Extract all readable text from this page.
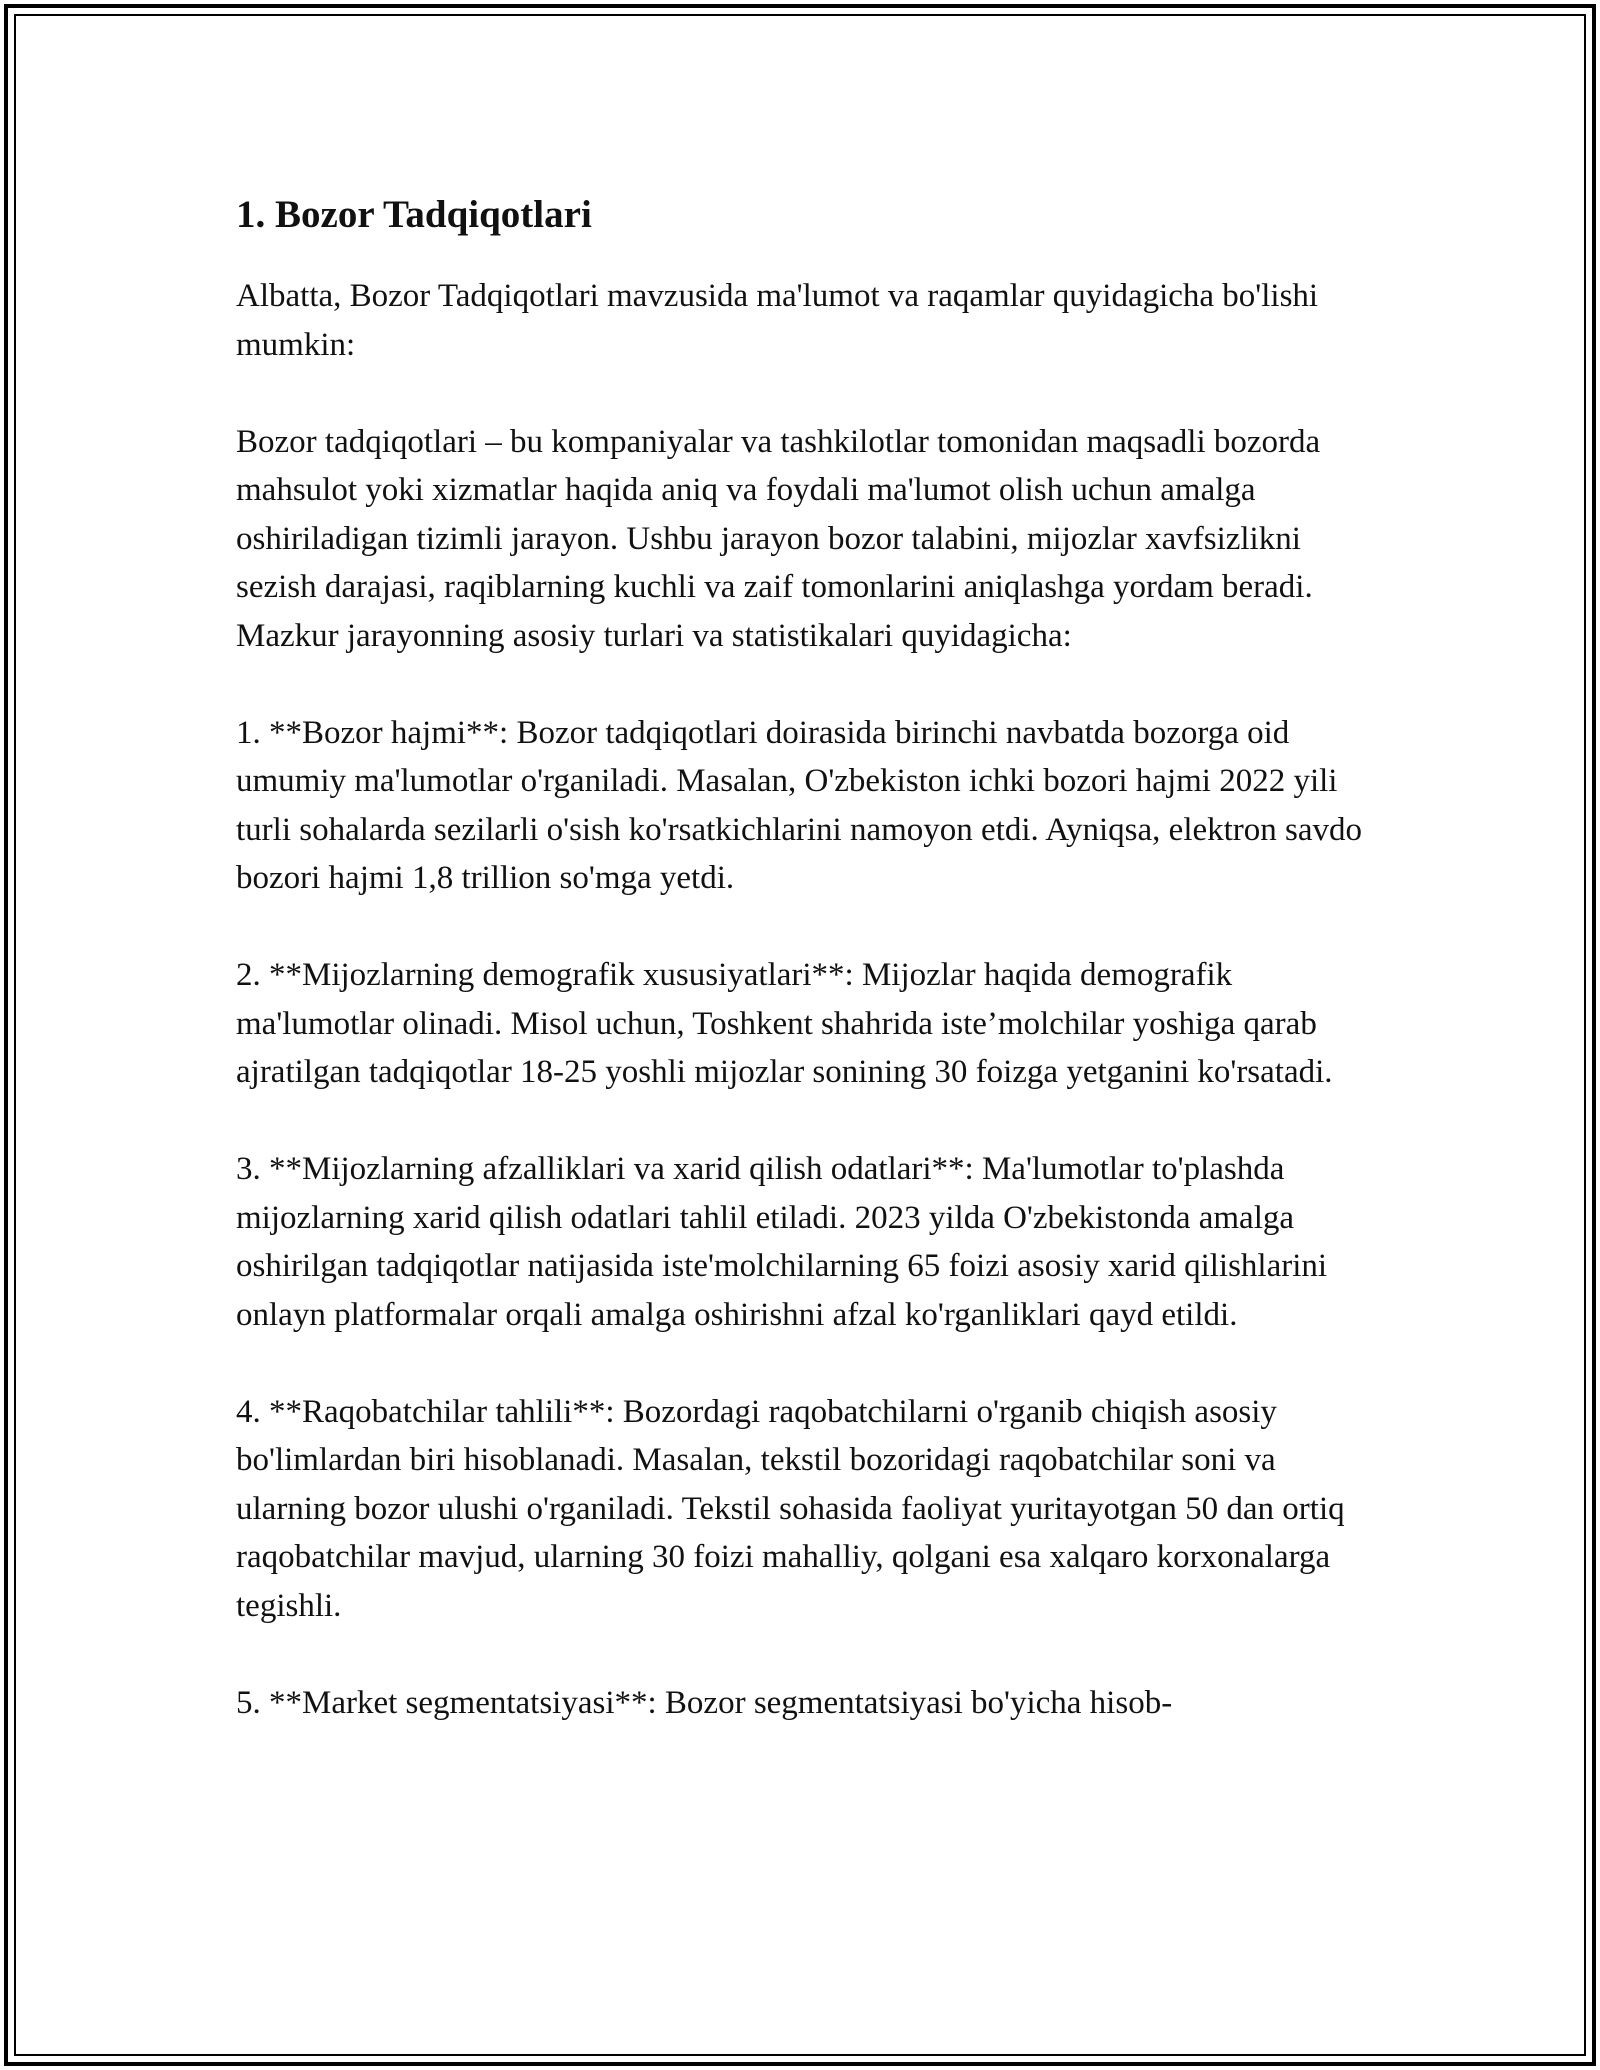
1. Bozor Tadqiqotlari

Albatta, Bozor Tadqiqotlari mavzusida ma'lumot va raqamlar quyidagicha bo'lishi mumkin:

Bozor tadqiqotlari – bu kompaniyalar va tashkilotlar tomonidan maqsadli bozorda mahsulot yoki xizmatlar haqida aniq va foydali ma'lumot olish uchun amalga oshiriladigan tizimli jarayon. Ushbu jarayon bozor talabini, mijozlar xavfsizlikni sezish darajasi, raqiblarning kuchli va zaif tomonlarini aniqlashga yordam beradi. Mazkur jarayonning asosiy turlari va statistikalari quyidagicha:

1. **Bozor hajmi**: Bozor tadqiqotlari doirasida birinchi navbatda bozorga oid umumiy ma'lumotlar o'rganiladi. Masalan, O'zbekiston ichki bozori hajmi 2022 yili turli sohalarda sezilarli o'sish ko'rsatkichlarini namoyon etdi. Ayniqsa, elektron savdo bozori hajmi 1,8 trillion so'mga yetdi.

2. **Mijozlarning demografik xususiyatlari**: Mijozlar haqida demografik ma'lumotlar olinadi. Misol uchun, Toshkent shahrida iste’molchilar yoshiga qarab ajratilgan tadqiqotlar 18-25 yoshli mijozlar sonining 30 foizga yetganini ko'rsatadi.

3. **Mijozlarning afzalliklari va xarid qilish odatlari**: Ma'lumotlar to'plashda mijozlarning xarid qilish odatlari tahlil etiladi. 2023 yilda O'zbekistonda amalga oshirilgan tadqiqotlar natijasida iste'molchilarning 65 foizi asosiy xarid qilishlarini onlayn platformalar orqali amalga oshirishni afzal ko'rganliklari qayd etildi.

4. **Raqobatchilar tahlili**: Bozordagi raqobatchilarni o'rganib chiqish asosiy bo'limlardan biri hisoblanadi. Masalan, tekstil bozoridagi raqobatchilar soni va ularning bozor ulushi o'rganiladi. Tekstil sohasida faoliyat yuritayotgan 50 dan ortiq raqobatchilar mavjud, ularning 30 foizi mahalliy, qolgani esa xalqaro korxonalarga tegishli.

5. **Market segmentatsiyasi**: Bozor segmentatsiyasi bo'yicha hisob-
